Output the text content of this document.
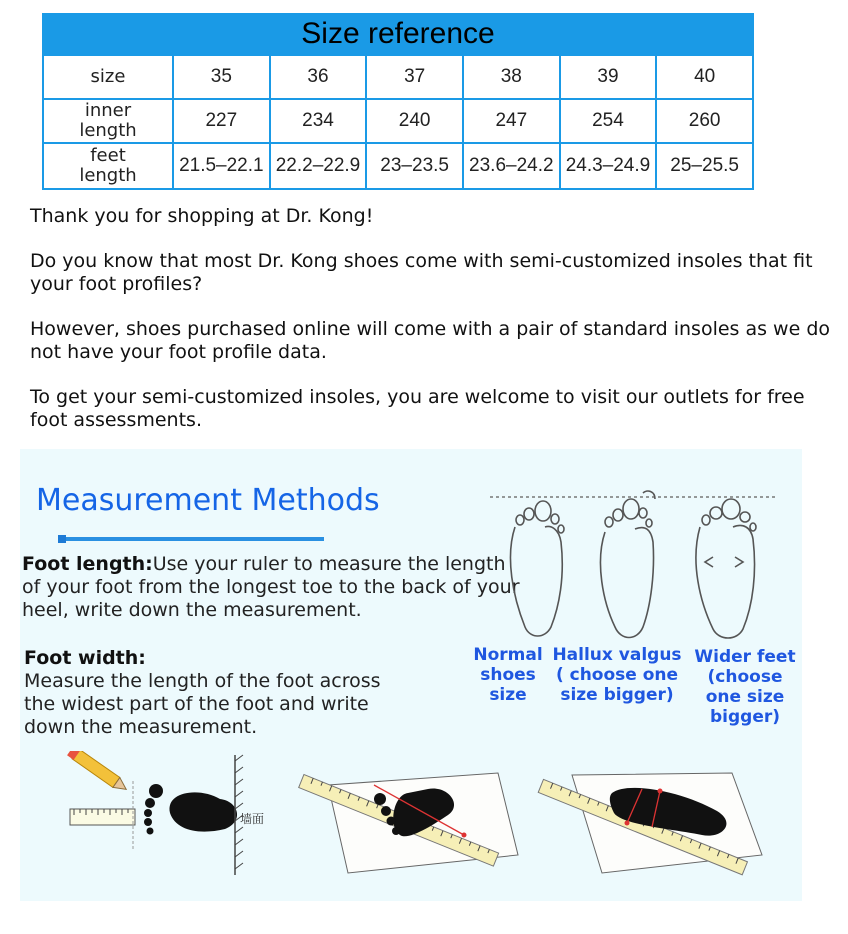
Size reference
size	35	36	37	38	39	40
inner
length	227	234	240	247	254	260
feet
length	21.5–22.1	22.2–22.9	23–23.5	23.6–24.2	24.3–24.9	25–25.5

Thank you for shopping at Dr. Kong!

Do you know that most Dr. Kong shoes come with semi-customized insoles that fit your foot profiles?

However, shoes purchased online will come with a pair of standard insoles as we do not have your foot profile data.

To get your semi-customized insoles, you are welcome to visit our outlets for free foot assessments.

Measurement Methods
Foot length:Use your ruler to measure the length of your foot from the longest toe to the back of your heel, write down the measurement.
Foot width:
Measure the length of the foot across the widest part of the foot and write down the measurement.
Normal shoes size
Hallux valgus ( choose one size bigger)
Wider feet (choose one size bigger)
墙面
